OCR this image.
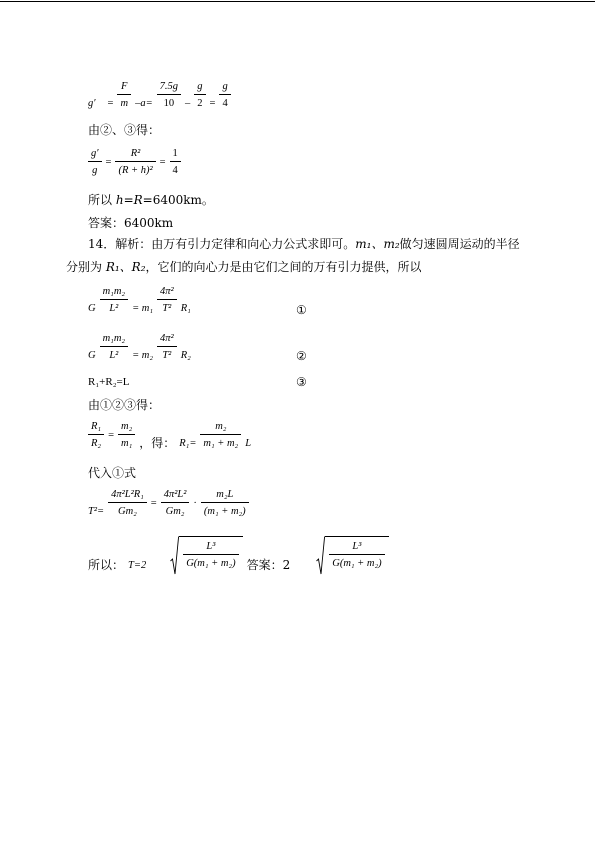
$g' = \frac{F}{m} -a= \frac{7.5g}{10} - \frac{g}{2} = \frac{g}{4}$
由②、③得：
$\frac{g'}{g} = \frac{\text{R²}}{\text{(R + h)²}} = \frac{1}{4}$
所以 h=R=6400km。
答案：6400km
14．解析：由万有引力定律和向心力公式求即可。m₁、m₂做匀速圆周运动的半径
分别为 R₁、R₂，它们的向心力是由它们之间的万有引力提供，所以
G $\frac{\text{m₁m₂}}{\text{L²}} = m_1 \frac{\text{4π²}}{\text{T²}} R_1$	①
G $\frac{\text{m₁m₂}}{\text{L²}} = m_2 \frac{\text{4π²}}{\text{T²}} R_2$	②
R₁+R₂=L	③
由①②③得：
$\frac{\text{R₁}}{\text{R₂}} = \frac{\text{m₂}}{\text{m₁}}$ ，得： $R_1= \frac{\text{m₂}}{\text{m₁ + m₂}}$ L
代入①式
$T^2= \frac{\text{4π²L²R₁}}{\text{Gm₂}} = \frac{\text{4π²L²}}{\text{Gm₂}} \cdot \frac{\text{m₂L}}{\text{(m₁ + m₂)}}$
所以： T=2	$\frac{\text{L³}}{\text{G(m₁ + m₂)}}$ 答案：2	$\frac{\text{L³}}{\text{G(m₁ + m₂)}}$
